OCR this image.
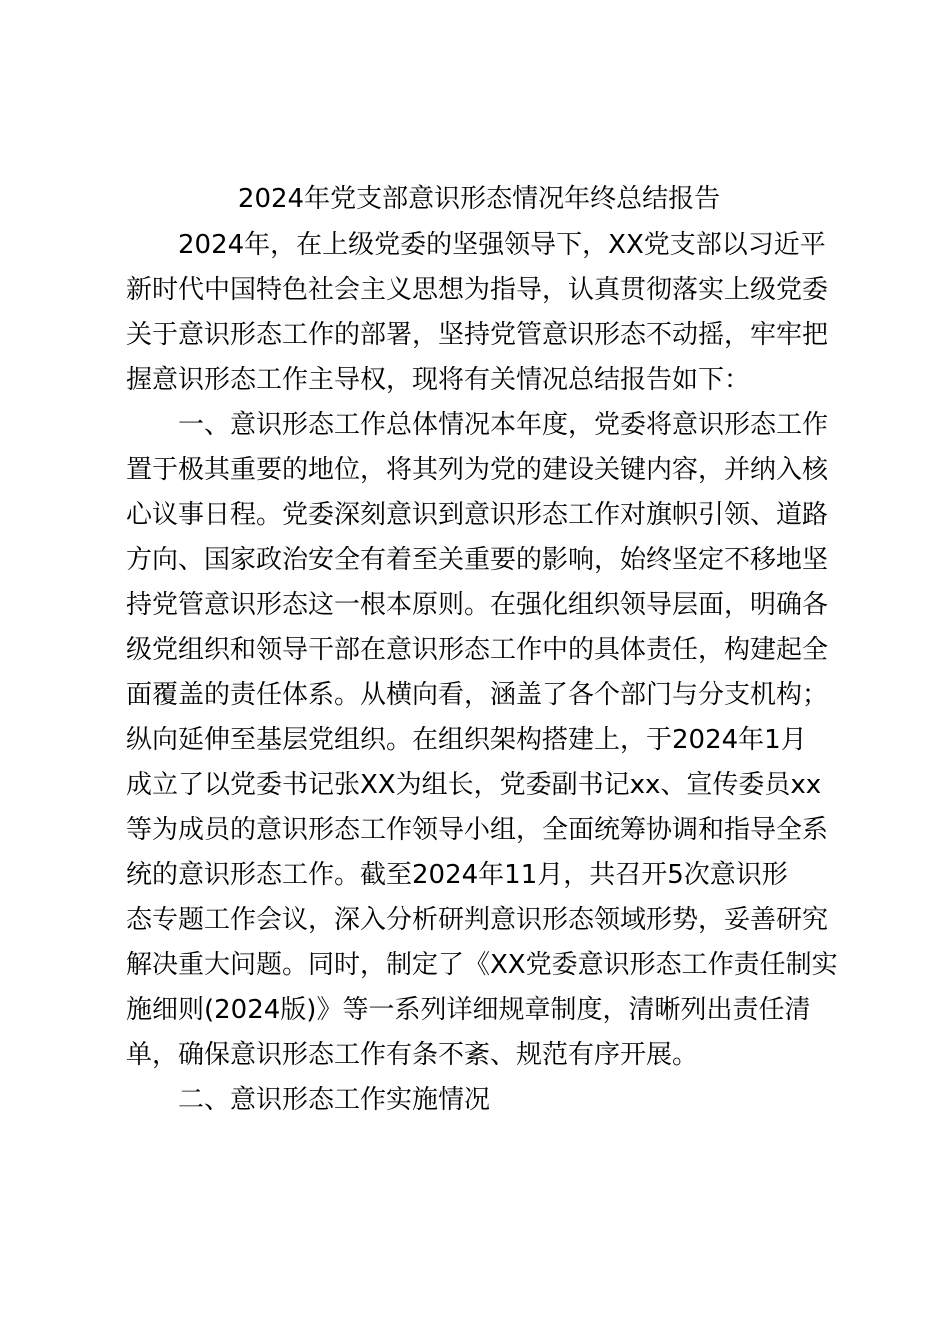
2024年党支部意识形态情况年终总结报告
　　2024年，在上级党委的坚强领导下，XX党支部以习近平
新时代中国特色社会主义思想为指导，认真贯彻落实上级党委
关于意识形态工作的部署，坚持党管意识形态不动摇，牢牢把
握意识形态工作主导权，现将有关情况总结报告如下：
　　一、意识形态工作总体情况本年度，党委将意识形态工作
置于极其重要的地位，将其列为党的建设关键内容，并纳入核
心议事日程。党委深刻意识到意识形态工作对旗帜引领、道路
方向、国家政治安全有着至关重要的影响，始终坚定不移地坚
持党管意识形态这一根本原则。在强化组织领导层面，明确各
级党组织和领导干部在意识形态工作中的具体责任，构建起全
面覆盖的责任体系。从横向看，涵盖了各个部门与分支机构；
纵向延伸至基层党组织。在组织架构搭建上，于2024年1月
成立了以党委书记张XX为组长，党委副书记xx、宣传委员xx
等为成员的意识形态工作领导小组，全面统筹协调和指导全系
统的意识形态工作。截至2024年11月，共召开5次意识形
态专题工作会议，深入分析研判意识形态领域形势，妥善研究
解决重大问题。同时，制定了《XX党委意识形态工作责任制实
施细则(2024版)》等一系列详细规章制度，清晰列出责任清
单，确保意识形态工作有条不紊、规范有序开展。
　　二、意识形态工作实施情况
